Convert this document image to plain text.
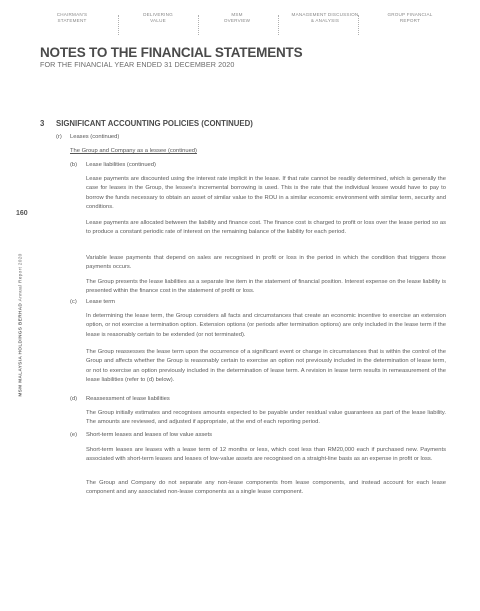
CHAIRMAN'S
STATEMENT
DELIVERING
VALUE
MSM
OVERVIEW
MANAGEMENT DISCUSSION
& ANALYSIS
GROUP FINANCIAL
REPORT
NOTES TO THE FINANCIAL STATEMENTS
FOR THE FINANCIAL YEAR ENDED 31 DECEMBER 2020
160
MSM MALAYSIA HOLDINGS BERHAD Annual Report 2020
3 SIGNIFICANT ACCOUNTING POLICIES (CONTINUED)
(r) Leases (continued)
The Group and Company as a lessee (continued)
(b) Lease liabilities (continued)
Lease payments are discounted using the interest rate implicit in the lease. If that rate cannot be readily determined, which is generally the case for leases in the Group, the lessee's incremental borrowing is used. This is the rate that the individual lessee would have to pay to borrow the funds necessary to obtain an asset of similar value to the ROU in a similar economic environment with similar term, security and conditions.
Lease payments are allocated between the liability and finance cost. The finance cost is charged to profit or loss over the lease period so as to produce a constant periodic rate of interest on the remaining balance of the liability for each period.
Variable lease payments that depend on sales are recognised in profit or loss in the period in which the condition that triggers those payments occurs.
The Group presents the lease liabilities as a separate line item in the statement of financial position. Interest expense on the lease liability is presented within the finance cost in the statement of profit or loss.
(c) Lease term
In determining the lease term, the Group considers all facts and circumstances that create an economic incentive to exercise an extension option, or not exercise a termination option. Extension options (or periods after termination options) are only included in the lease term if the lease is reasonably certain to be extended (or not terminated).
The Group reassesses the lease term upon the occurrence of a significant event or change in circumstances that is within the control of the Group and affects whether the Group is reasonably certain to exercise an option not previously included in the determination of lease term, or not to exercise an option previously included in the determination of lease term. A revision in lease term results in remeasurement of the lease liabilities (refer to (d) below).
(d) Reassessment of lease liabilities
The Group initially estimates and recognises amounts expected to be payable under residual value guarantees as part of the lease liability. The amounts are reviewed, and adjusted if appropriate, at the end of each reporting period.
(e) Short-term leases and leases of low value assets
Short-term leases are leases with a lease term of 12 months or less, which cost less than RM20,000 each if purchased new. Payments associated with short-term leases and leases of low-value assets are recognised on a straight-line basis as an expense in profit or loss.
The Group and Company do not separate any non-lease components from lease components, and instead account for each lease component and any associated non-lease components as a single lease component.
